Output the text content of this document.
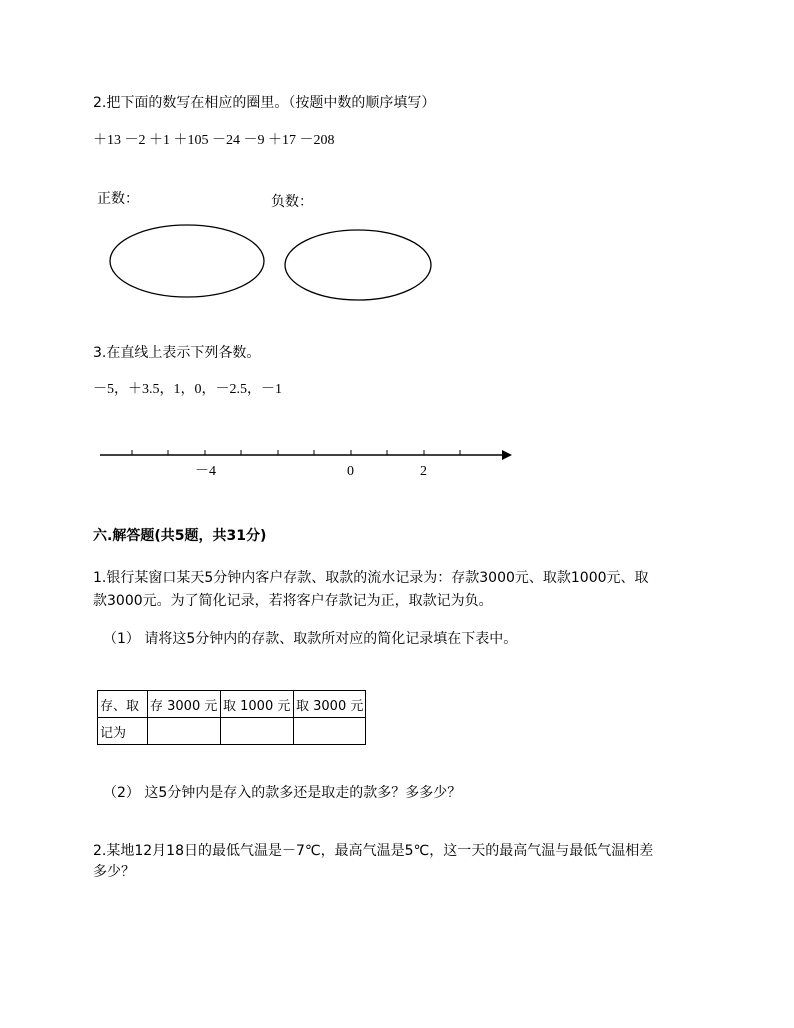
2.把下面的数写在相应的圈里。（按题中数的顺序填写）
＋13 －2 ＋1 ＋105 －24 －9 ＋17 －208
正数：	负数：
3.在直线上表示下列各数。
－5，＋3.5，1，0，－2.5，－1
－4	0	2
六.解答题(共5题，共31分)
1.银行某窗口某天5分钟内客户存款、取款的流水记录为：存款3000元、取款1000元、取
款3000元。为了简化记录，若将客户存款记为正，取款记为负。
（1） 请将这5分钟内的存款、取款所对应的简化记录填在下表中。
存、取	存 3000 元	取 1000 元	取 3000 元
记为			
（2） 这5分钟内是存入的款多还是取走的款多？多多少？
2.某地12月18日的最低气温是－7℃，最高气温是5℃，这一天的最高气温与最低气温相差
多少？
